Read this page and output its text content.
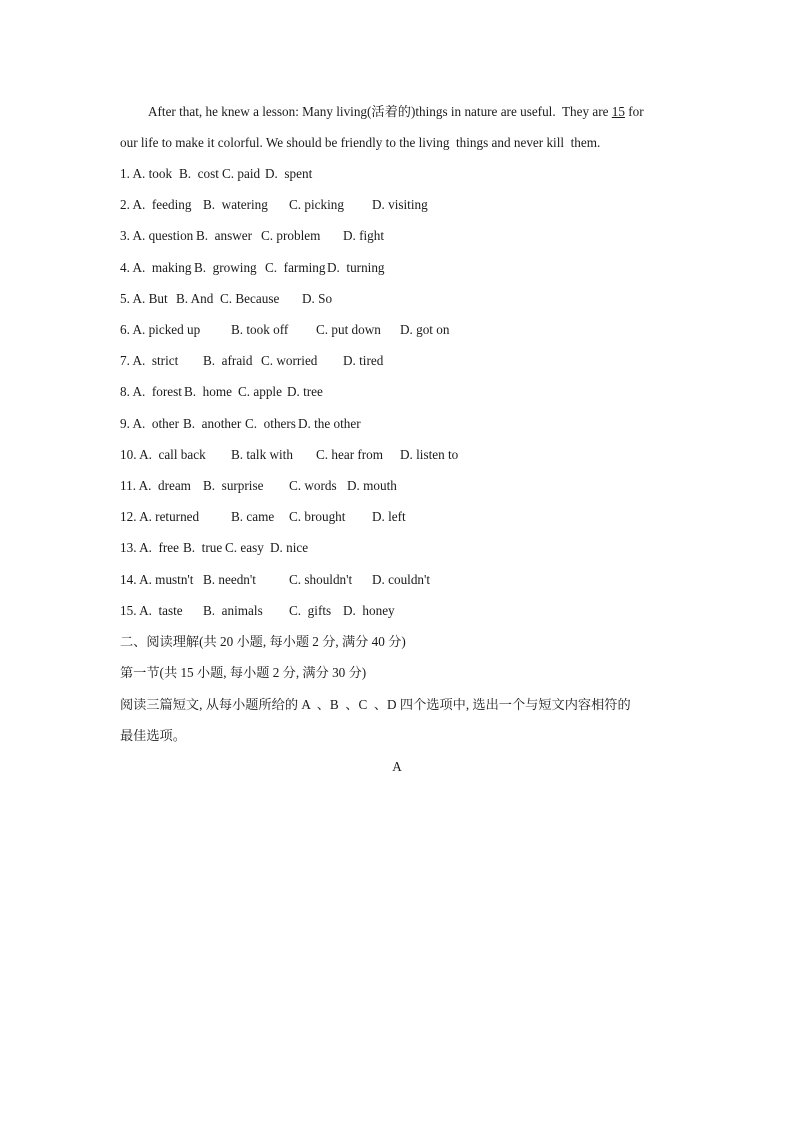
After that, he knew a lesson: Many living(活着的)things in nature are useful.  They are 15 for
our life to make it colorful. We should be friendly to the living  things and never kill  them.
1. A. took B.  cost C. paid D.  spent
2. A.  feeding B.  watering C. picking D. visiting
3. A. question B.  answer C. problem D. fight
4. A.  making B.  growing C.  farming D.  turning
5. A. But B. And C. Because D. So
6. A. picked up B. took off C. put down D. got on
7. A.  strict B.  afraid C. worried D. tired
8. A.  forest B.  home C. apple D. tree
9. A.  other B.  another C.  others D. the other
10. A.  call back B. talk with C. hear from D. listen to
11. A.  dream B.  surprise C. words D. mouth
12. A. returned B. came C. brought D. left
13. A.  free B.  true C. easy D. nice
14. A. mustn't B. needn't	C. shouldn't D. couldn't
15. A.  taste B.  animals C.  gifts D.  honey
二、阅读理解(共 20 小题, 每小题 2 分, 满分 40 分)
第一节(共 15 小题, 每小题 2 分, 满分 30 分)
阅读三篇短文, 从每小题所给的 A  、B  、C  、D 四个选项中, 选出一个与短文内容相符的
最佳选项。
A
